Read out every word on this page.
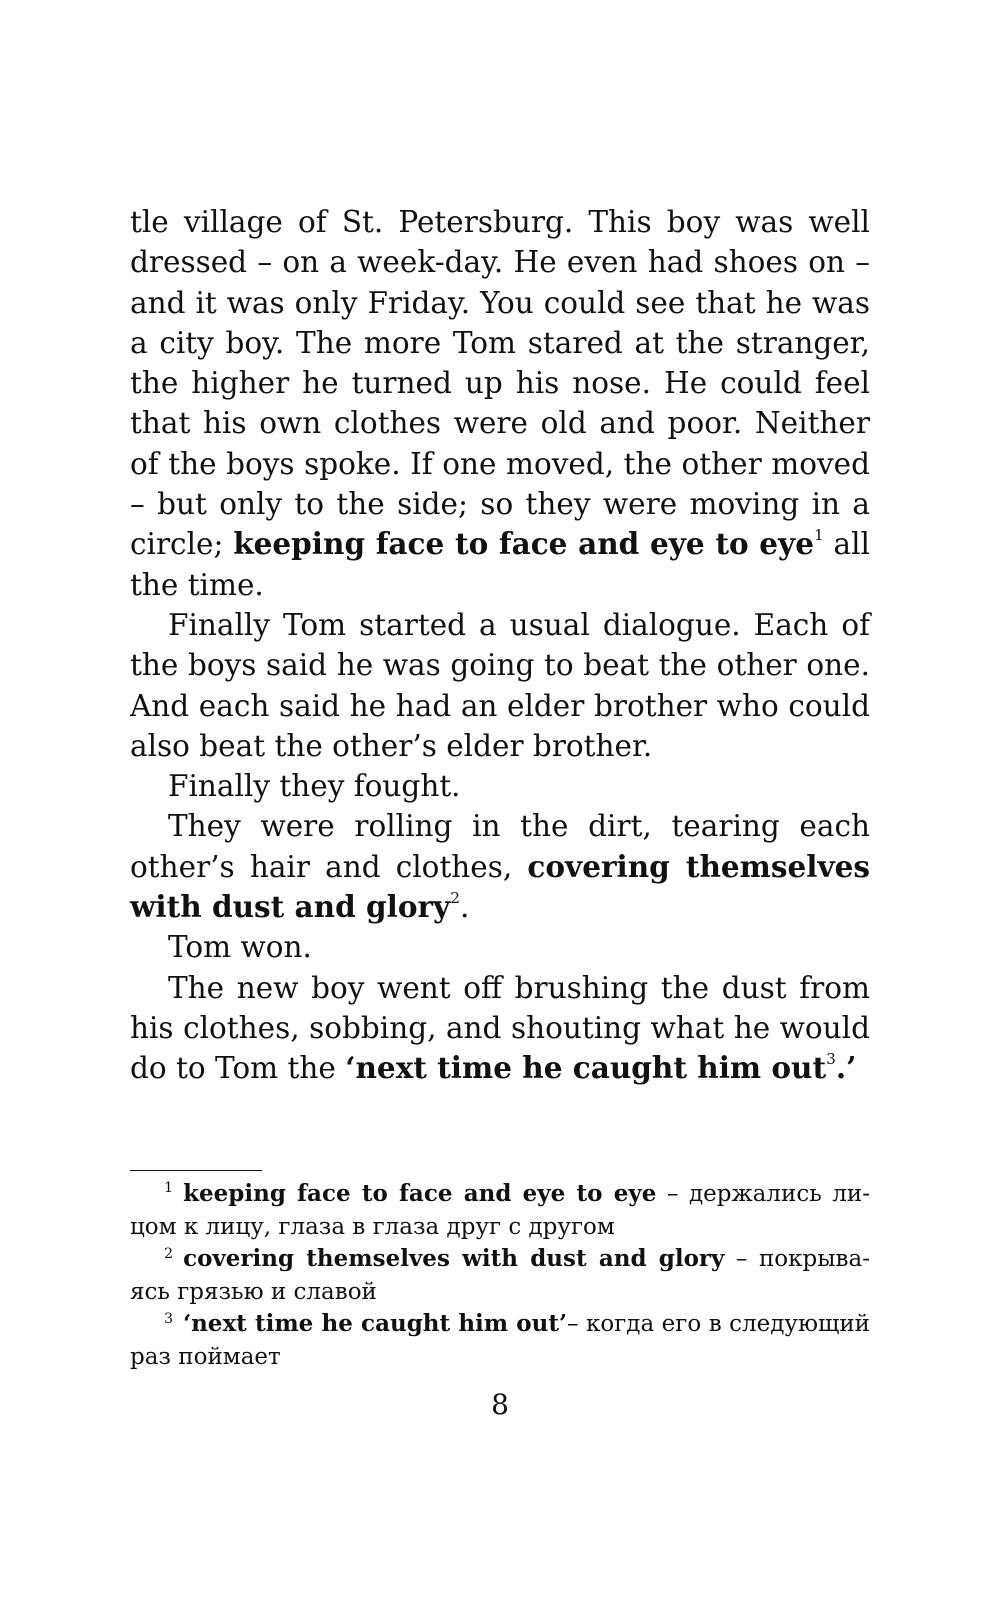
tle village of St. Petersburg. This boy was well dressed – on a week-day. He even had shoes on – and it was only Friday. You could see that he was a city boy. The more Tom stared at the stranger, the higher he turned up his nose. He could feel that his own clothes were old and poor. Neither of the boys spoke. If one moved, the other moved – but only to the side; so they were moving in a circle; keeping face to face and eye to eye$^1$ all the time.

Finally Tom started a usual dialogue. Each of the boys said he was going to beat the other one. And each said he had an elder brother who could also beat the other’s elder brother.

Finally they fought.

They were rolling in the dirt, tearing each other’s hair and clothes, covering themselves with dust and glory$^2$.

Tom won.

The new boy went off brushing the dust from his clothes, sobbing, and shouting what he would do to Tom the ‘next time he caught him out$^3$.’

$^1$ keeping face to face and eye to eye – держались лицом к лицу, глаза в глаза друг с другом

$^2$ covering themselves with dust and glory – покрываясь грязью и славой

$^3$ ‘next time he caught him out’– когда его в следующий раз поймает

8
